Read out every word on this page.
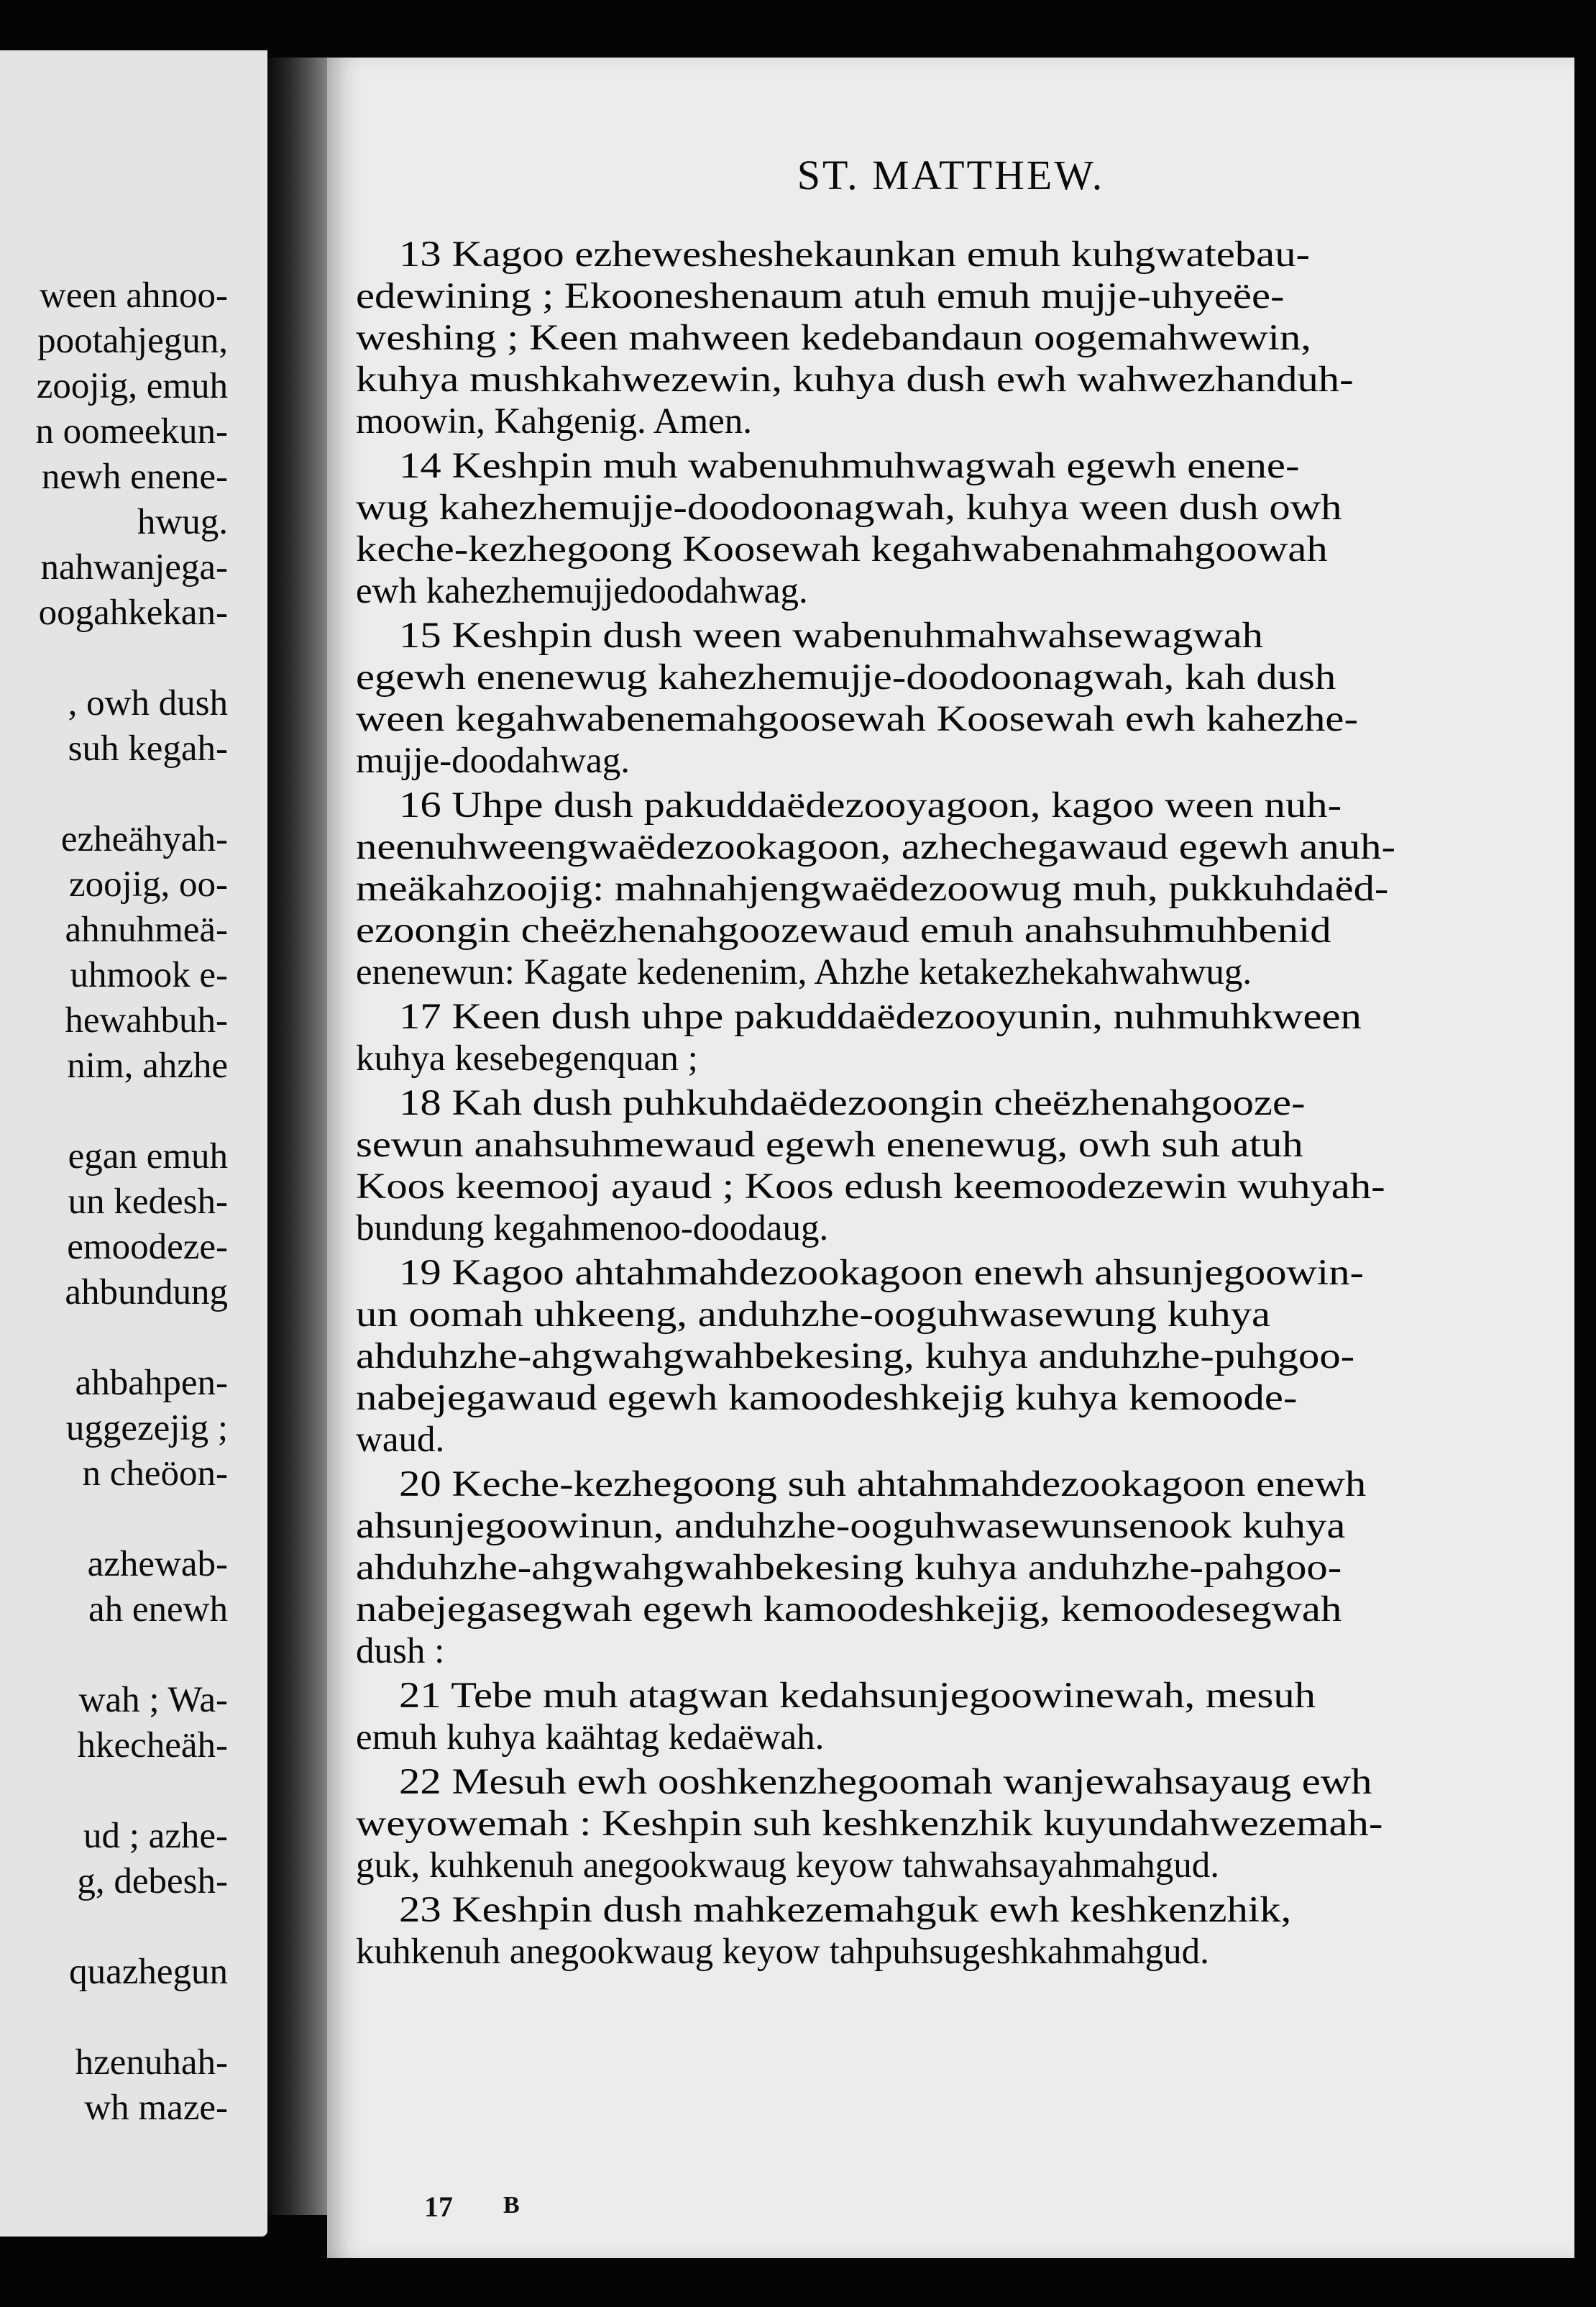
ween ahnoo-
pootahjegun,
zoojig, emuh
n oomeekun-
newh enene-
hwug.
nahwanjega-
oogahkekan-
, owh dush
suh kegah-
ezheähyah-
zoojig, oo-
ahnuhmeä-
uhmook e-
hewahbuh-
nim, ahzhe
egan emuh
un kedesh-
emoodeze-
ahbundung
ahbahpen-
uggezejig ;
n cheöon-
azhewab-
ah enewh
wah ; Wa-
hkecheäh-
ud ; azhe-
g, debesh-
quazhegun
hzenuhah-
wh maze-
ST. MATTHEW.
13 Kagoo ezhewesheshekaunkan emuh kuhgwatebau-
edewining ; Ekooneshenaum atuh emuh mujje-uhyeëe-
weshing ; Keen mahween kedebandaun oogemahwewin,
kuhya mushkahwezewin, kuhya dush ewh wahwezhanduh-
moowin, Kahgenig. Amen.
14 Keshpin muh wabenuhmuhwagwah egewh enene-
wug kahezhemujje-doodoonagwah, kuhya ween dush owh
keche-kezhegoong Koosewah kegahwabenahmahgoowah
ewh kahezhemujjedoodahwag.
15 Keshpin dush ween wabenuhmahwahsewagwah
egewh enenewug kahezhemujje-doodoonagwah, kah dush
ween kegahwabenemahgoosewah Koosewah ewh kahezhe-
mujje-doodahwag.
16 Uhpe dush pakuddaëdezooyagoon, kagoo ween nuh-
neenuhweengwaëdezookagoon, azhechegawaud egewh anuh-
meäkahzoojig: mahnahjengwaëdezoowug muh, pukkuhdaëd-
ezoongin cheëzhenahgoozewaud emuh anahsuhmuhbenid
enenewun: Kagate kedenenim, Ahzhe ketakezhekahwahwug.
17 Keen dush uhpe pakuddaëdezooyunin, nuhmuhkween
kuhya kesebegenquan ;
18 Kah dush puhkuhdaëdezoongin cheëzhenahgooze-
sewun anahsuhmewaud egewh enenewug, owh suh atuh
Koos keemooj ayaud ; Koos edush keemoodezewin wuhyah-
bundung kegahmenoo-doodaug.
19 Kagoo ahtahmahdezookagoon enewh ahsunjegoowin-
un oomah uhkeeng, anduhzhe-ooguhwasewung kuhya
ahduhzhe-ahgwahgwahbekesing, kuhya anduhzhe-puhgoo-
nabejegawaud egewh kamoodeshkejig kuhya kemoode-
waud.
20 Keche-kezhegoong suh ahtahmahdezookagoon enewh
ahsunjegoowinun, anduhzhe-ooguhwasewunsenook kuhya
ahduhzhe-ahgwahgwahbekesing kuhya anduhzhe-pahgoo-
nabejegasegwah egewh kamoodeshkejig, kemoodesegwah
dush :
21 Tebe muh atagwan kedahsunjegoowinewah, mesuh
emuh kuhya kaähtag kedaëwah.
22 Mesuh ewh ooshkenzhegoomah wanjewahsayaug ewh
weyowemah : Keshpin suh keshkenzhik kuyundahwezemah-
guk, kuhkenuh anegookwaug keyow tahwahsayahmahgud.
23 Keshpin dush mahkezemahguk ewh keshkenzhik,
kuhkenuh anegookwaug keyow tahpuhsugeshkahmahgud.
17 B
